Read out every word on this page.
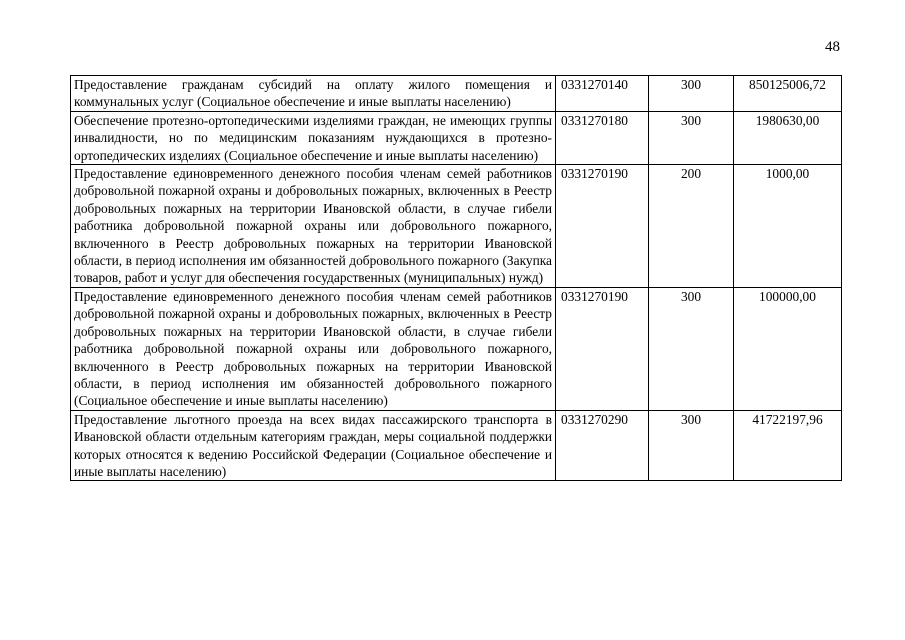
48
Предоставление гражданам субсидий на оплату жилого помещения и коммунальных услуг (Социальное обеспечение и иные выплаты населению)	0331270140	300	850125006,72
Обеспечение протезно-ортопедическими изделиями граждан, не имеющих группы инвалидности, но по медицинским показаниям нуждающихся в протезно-ортопедических изделиях (Социальное обеспечение и иные выплаты населению)	0331270180	300	1980630,00
Предоставление единовременного денежного пособия членам семей работников добровольной пожарной охраны и добровольных пожарных, включенных в Реестр добровольных пожарных на территории Ивановской области, в случае гибели работника добровольной пожарной охраны или добровольного пожарного, включенного в Реестр добровольных пожарных на территории Ивановской области, в период исполнения им обязанностей добровольного пожарного (Закупка товаров, работ и услуг для обеспечения государственных (муниципальных) нужд)	0331270190	200	1000,00
Предоставление единовременного денежного пособия членам семей работников добровольной пожарной охраны и добровольных пожарных, включенных в Реестр добровольных пожарных на территории Ивановской области, в случае гибели работника добровольной пожарной охраны или добровольного пожарного, включенного в Реестр добровольных пожарных на территории Ивановской области, в период исполнения им обязанностей добровольного пожарного (Социальное обеспечение и иные выплаты населению)	0331270190	300	100000,00
Предоставление льготного проезда на всех видах пассажирского транспорта в Ивановской области отдельным категориям граждан, меры социальной поддержки которых относятся к ведению Российской Федерации (Социальное обеспечение и иные выплаты населению)	0331270290	300	41722197,96
